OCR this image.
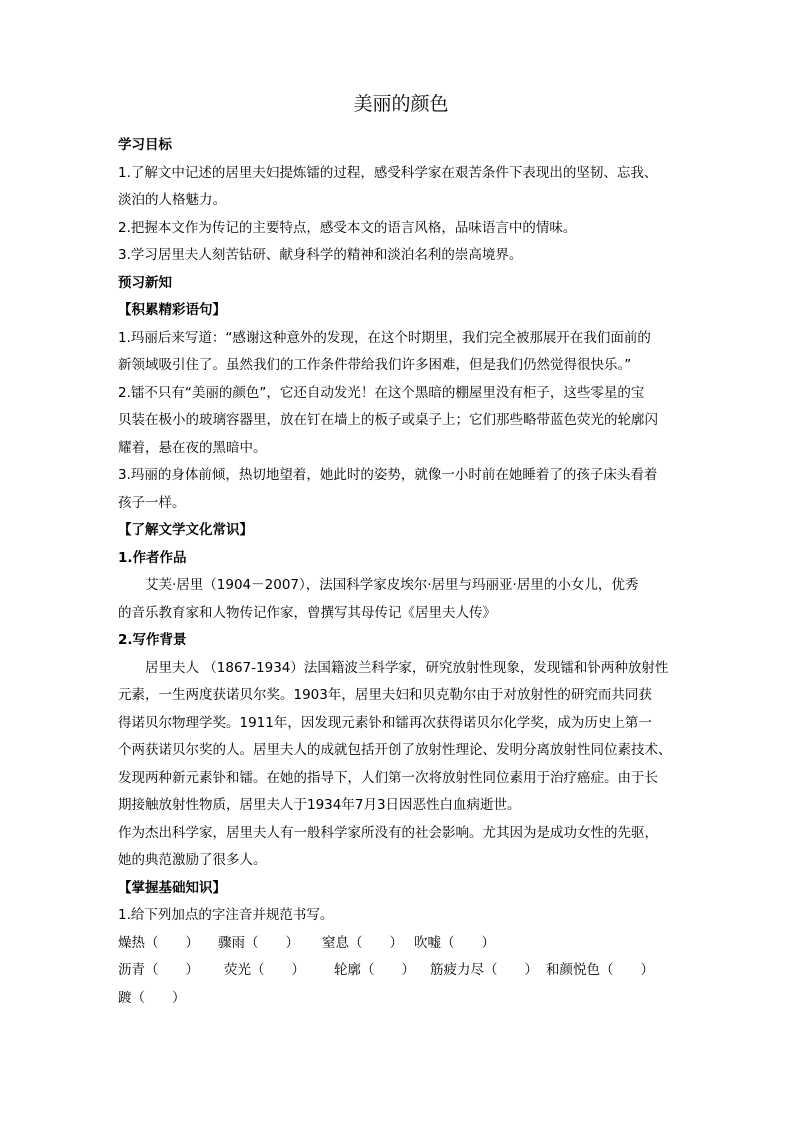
美丽的颜色
学习目标
1.了解文中记述的居里夫妇提炼镭的过程，感受科学家在艰苦条件下表现出的坚韧、忘我、
淡泊的人格魅力。
2.把握本文作为传记的主要特点，感受本文的语言风格，品味语言中的情味。
3.学习居里夫人刻苦钻研、献身科学的精神和淡泊名利的崇高境界。
预习新知
【积累精彩语句】
1.玛丽后来写道：“感谢这种意外的发现，在这个时期里，我们完全被那展开在我们面前的
新领域吸引住了。虽然我们的工作条件带给我们许多困难，但是我们仍然觉得很快乐。”
2.镭不只有“美丽的颜色”，它还自动发光！在这个黑暗的棚屋里没有柜子，这些零星的宝
贝装在极小的玻璃容器里，放在钉在墙上的板子或桌子上；它们那些略带蓝色荧光的轮廓闪
耀着，悬在夜的黑暗中。
3.玛丽的身体前倾，热切地望着，她此时的姿势，就像一小时前在她睡着了的孩子床头看着
孩子一样。
【了解文学文化常识】
1.作者作品
艾芙·居里（1904－2007），法国科学家皮埃尔·居里与玛丽亚·居里的小女儿，优秀
的音乐教育家和人物传记作家，曾撰写其母传记《居里夫人传》
2.写作背景
居里夫人 （1867-1934）法国籍波兰科学家，研究放射性现象，发现镭和钋两种放射性
元素，一生两度获诺贝尔奖。1903年，居里夫妇和贝克勒尔由于对放射性的研究而共同获
得诺贝尔物理学奖。1911年，因发现元素钋和镭再次获得诺贝尔化学奖，成为历史上第一
个两获诺贝尔奖的人。居里夫人的成就包括开创了放射性理论、发明分离放射性同位素技术、
发现两种新元素钋和镭。在她的指导下，人们第一次将放射性同位素用于治疗癌症。由于长
期接触放射性物质，居里夫人于1934年7月3日因恶性白血病逝世。
作为杰出科学家，居里夫人有一般科学家所没有的社会影响。尤其因为是成功女性的先驱，
她的典范激励了很多人。
【掌握基础知识】
1.给下列加点的字注音并规范书写。
燥热（　　）	骤雨（　　）	窒息（　　） 吹嘘（　　）
沥青（　　）	荧光（　　）	轮廓（　　）	筋疲力尽（　　） 和颜悦色（　　）
踱（　　）
